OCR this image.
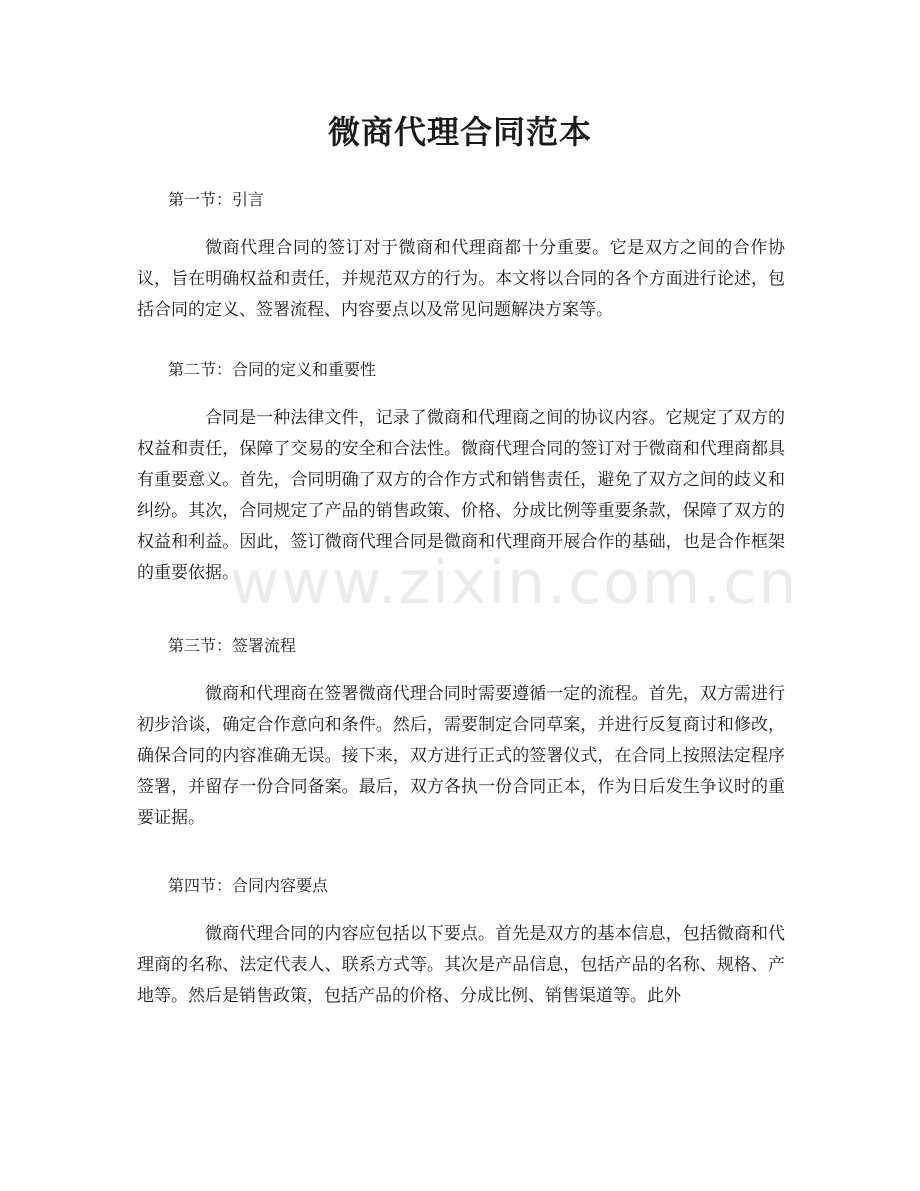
微商代理合同范本
第一节：引言
微商代理合同的签订对于微商和代理商都十分重要。它是双方之间的合作协议，旨在明确权益和责任，并规范双方的行为。本文将以合同的各个方面进行论述，包括合同的定义、签署流程、内容要点以及常见问题解决方案等。
第二节：合同的定义和重要性
合同是一种法律文件，记录了微商和代理商之间的协议内容。它规定了双方的权益和责任，保障了交易的安全和合法性。微商代理合同的签订对于微商和代理商都具有重要意义。首先，合同明确了双方的合作方式和销售责任，避免了双方之间的歧义和纠纷。其次，合同规定了产品的销售政策、价格、分成比例等重要条款，保障了双方的权益和利益。因此，签订微商代理合同是微商和代理商开展合作的基础，也是合作框架的重要依据。
第三节：签署流程
微商和代理商在签署微商代理合同时需要遵循一定的流程。首先，双方需进行初步洽谈，确定合作意向和条件。然后，需要制定合同草案，并进行反复商讨和修改，确保合同的内容准确无误。接下来，双方进行正式的签署仪式，在合同上按照法定程序签署，并留存一份合同备案。最后，双方各执一份合同正本，作为日后发生争议时的重要证据。
第四节：合同内容要点
微商代理合同的内容应包括以下要点。首先是双方的基本信息，包括微商和代理商的名称、法定代表人、联系方式等。其次是产品信息，包括产品的名称、规格、产地等。然后是销售政策，包括产品的价格、分成比例、销售渠道等。此外
www.zixin.com.cn
